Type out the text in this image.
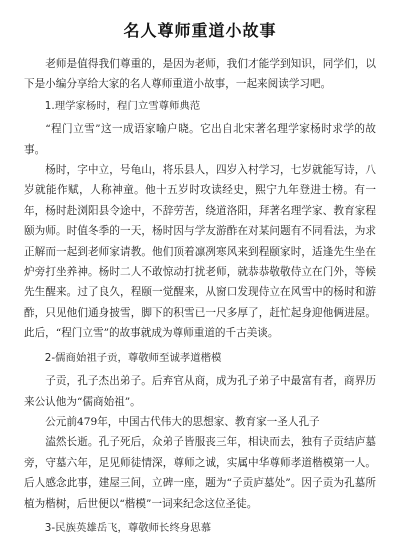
名人尊师重道小故事

老师是值得我们尊重的，是因为老师，我们才能学到知识，同学们，以下是小编分享给大家的名人尊师重道小故事，一起来阅读学习吧。

1.理学家杨时，程门立雪尊师典范

“程门立雪”这一成语家喻户晓。它出自北宋著名理学家杨时求学的故事。

杨时，字中立，号龟山，将乐县人，四岁入村学习，七岁就能写诗，八岁就能作赋，人称神童。他十五岁时攻读经史，熙宁九年登进士榜。有一年，杨时赴浏阳县令途中，不辞劳苦，绕道洛阳，拜著名理学家、教育家程颐为师。时值冬季的一天，杨时因与学友游酢在对某问题有不同看法，为求正解而一起到老师家请教。他们顶着凛冽寒风来到程颐家时，适逢先生坐在炉旁打坐养神。杨时二人不敢惊动打扰老师，就恭恭敬敬侍立在门外，等候先生醒来。过了良久，程颐一觉醒来，从窗口发现侍立在风雪中的杨时和游酢，只见他们通身披雪，脚下的积雪已一尺多厚了，赶忙起身迎他俩进屋。此后，“程门立雪”的故事就成为尊师重道的千古美谈。

2-儒商始祖子贡，尊敬师至诚孝道楷模

子贡，孔子杰出弟子。后弃官从商，成为孔子弟子中最富有者，商界历来公认他为“儒商始祖”。

公元前479年，中国古代伟大的思想家、教育家一圣人孔子

溘然长逝。孔子死后，众弟子皆服丧三年，相诀而去，独有子贡结庐墓旁，守墓六年，足见师徒情深，尊师之诚，实属中华尊师孝道楷模第一人。后人感念此事，建屋三间，立碑一座，题为“子贡庐墓处”。因子贡为孔墓所植为楷树，后世便以“楷模”一词来纪念这位圣徒。

3-民族英雄岳飞，尊敬师长终身思慕
